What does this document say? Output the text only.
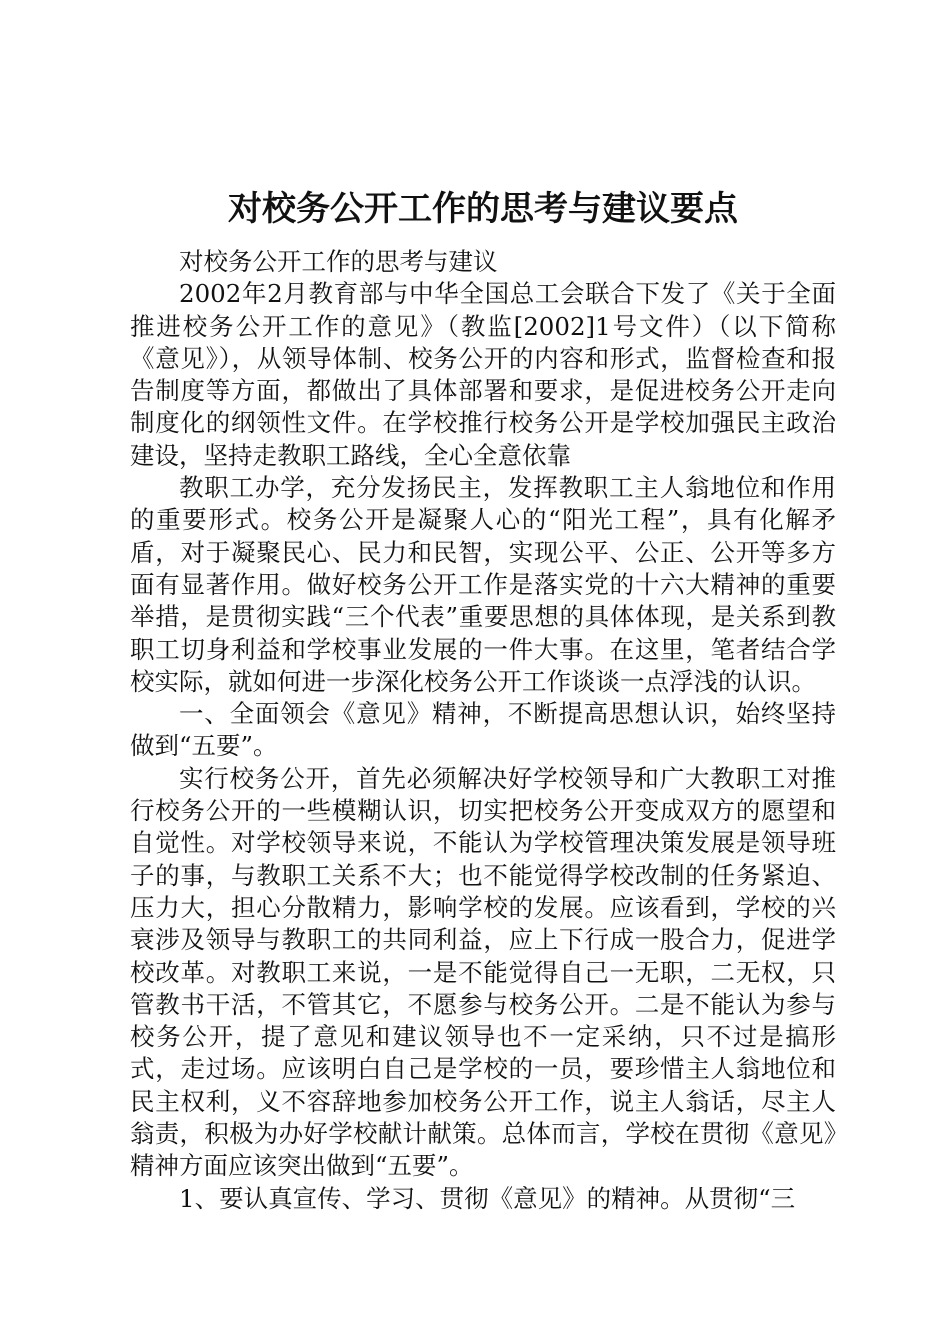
对校务公开工作的思考与建议要点

对校务公开工作的思考与建议

2002年2月教育部与中华全国总工会联合下发了《关于全面推进校务公开工作的意见》（教监[2002]1号文件）（以下简称《意见》），从领导体制、校务公开的内容和形式，监督检查和报告制度等方面，都做出了具体部署和要求，是促进校务公开走向制度化的纲领性文件。在学校推行校务公开是学校加强民主政治建设，坚持走教职工路线，全心全意依靠

教职工办学，充分发扬民主，发挥教职工主人翁地位和作用的重要形式。校务公开是凝聚人心的“阳光工程”，具有化解矛盾，对于凝聚民心、民力和民智，实现公平、公正、公开等多方面有显著作用。做好校务公开工作是落实党的十六大精神的重要举措，是贯彻实践“三个代表”重要思想的具体体现，是关系到教职工切身利益和学校事业发展的一件大事。在这里，笔者结合学校实际，就如何进一步深化校务公开工作谈谈一点浮浅的认识。

一、全面领会《意见》精神，不断提高思想认识，始终坚持做到“五要”。

实行校务公开，首先必须解决好学校领导和广大教职工对推行校务公开的一些模糊认识，切实把校务公开变成双方的愿望和自觉性。对学校领导来说，不能认为学校管理决策发展是领导班子的事，与教职工关系不大；也不能觉得学校改制的任务紧迫、压力大，担心分散精力，影响学校的发展。应该看到，学校的兴衰涉及领导与教职工的共同利益，应上下行成一股合力，促进学校改革。对教职工来说，一是不能觉得自己一无职，二无权，只管教书干活，不管其它，不愿参与校务公开。二是不能认为参与校务公开，提了意见和建议领导也不一定采纳，只不过是搞形式，走过场。应该明白自己是学校的一员，要珍惜主人翁地位和民主权利，义不容辞地参加校务公开工作，说主人翁话，尽主人翁责，积极为办好学校献计献策。总体而言，学校在贯彻《意见》精神方面应该突出做到“五要”。

1、要认真宣传、学习、贯彻《意见》的精神。从贯彻“三
